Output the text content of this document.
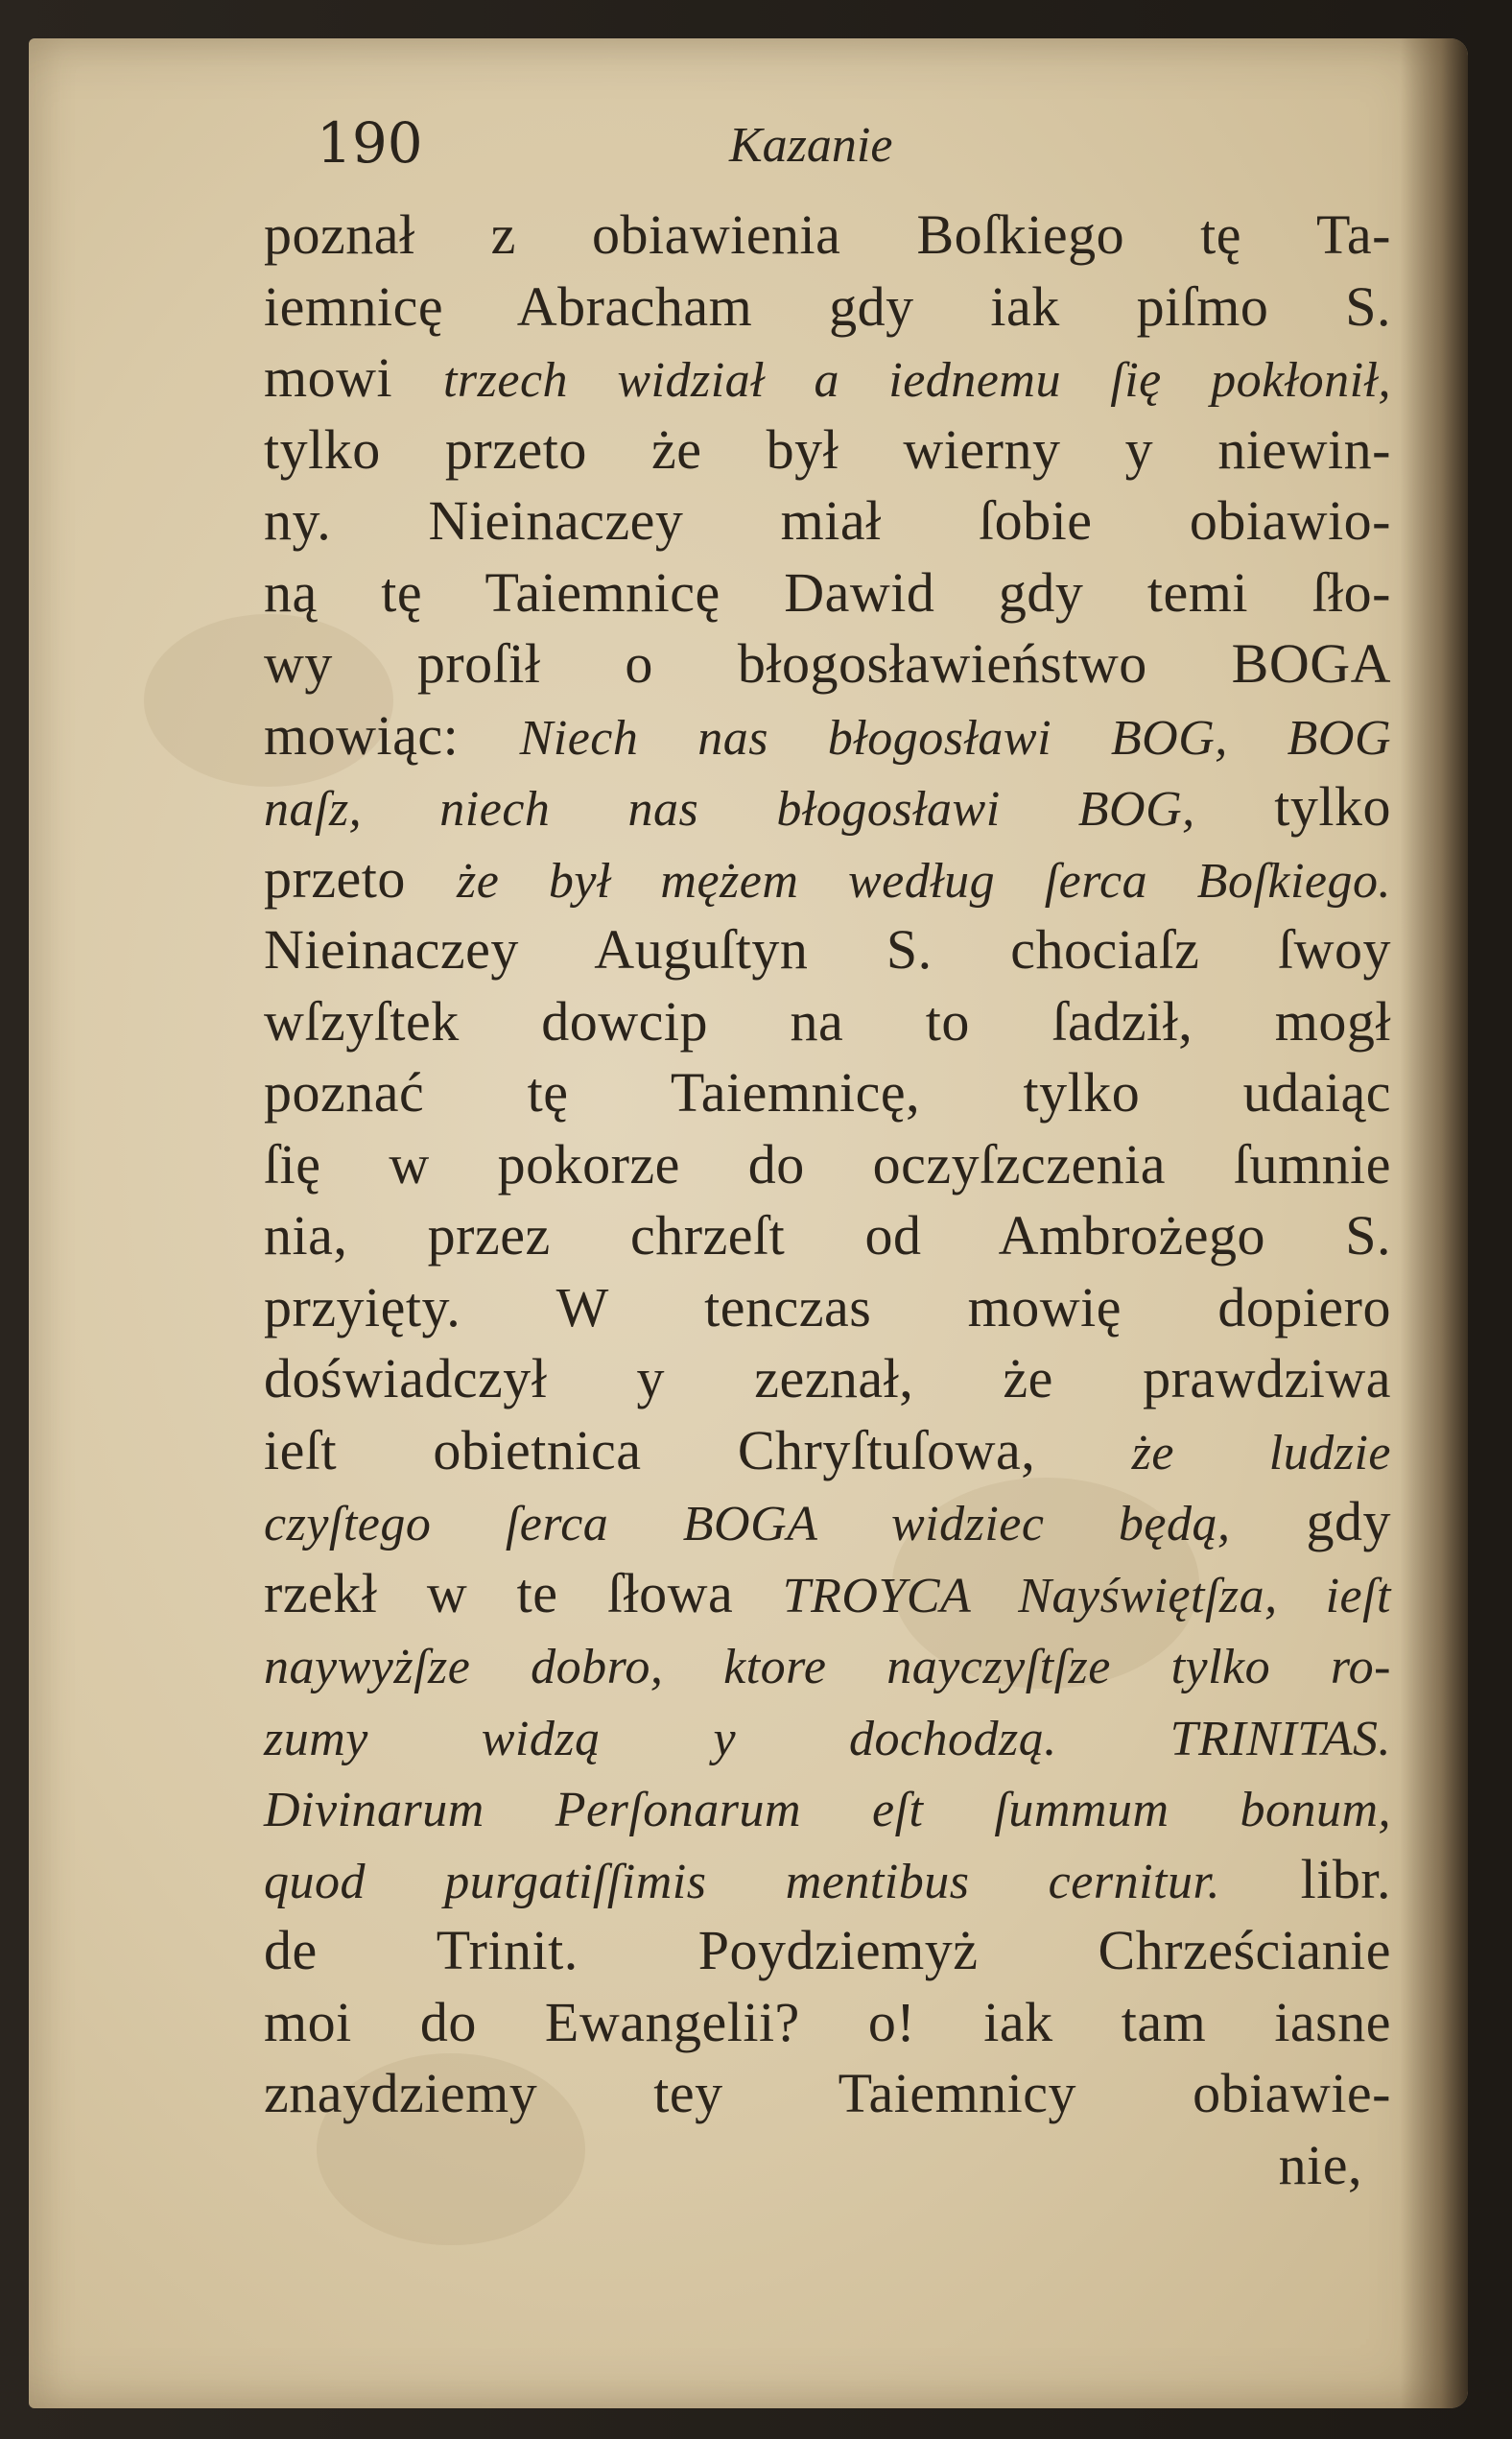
190	Kazanie
poznał z obiawienia Boſkiego tę Ta-
iemnicę Abracham gdy iak piſmo S.
mowi trzech widział a iednemu ſię pokłonił,
tylko przeto że był wierny y niewin-
ny. Nieinaczey miał ſobie obiawio-
ną tę Taiemnicę Dawid gdy temi ſło-
wy proſił o błogosławieństwo BOGA
mowiąc: Niech nas błogosławi BOG, BOG
naſz, niech nas błogosławi BOG, tylko
przeto że był mężem według ſerca Boſkiego.
Nieinaczey Auguſtyn S. chociaſz ſwoy
wſzyſtek dowcip na to ſadził, mogł
poznać tę Taiemnicę, tylko udaiąc
ſię w pokorze do oczyſzczenia ſumnie
nia, przez chrzeſt od Ambrożego S.
przyięty. W tenczas mowię dopiero
doświadczył y zeznał, że prawdziwa
ieſt obietnica Chryſtuſowa, że ludzie
czyſtego ſerca BOGA widziec będą, gdy
rzekł w te ſłowa TROYCA Nayświętſza, ieſt
naywyżſze dobro, ktore nayczyſtſze tylko ro-
zumy widzą y dochodzą. TRINITAS.
Divinarum Perſonarum eſt ſummum bonum,
quod purgatiſſimis mentibus cernitur. libr.
de Trinit. Poydziemyż Chrześcianie
moi do Ewangelii? o! iak tam iasne
znaydziemy tey Taiemnicy obiawie-
nie,
